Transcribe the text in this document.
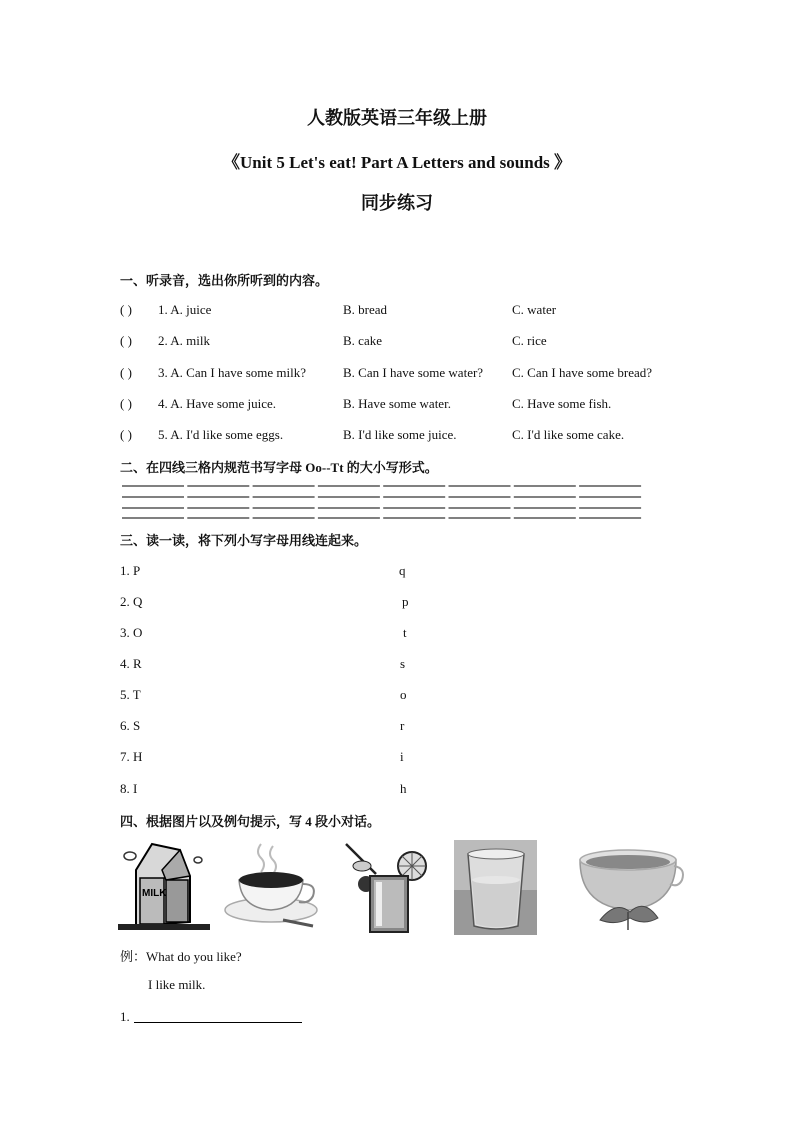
人教版英语三年级上册
《Unit 5 Let's eat! Part A Letters and sounds 》
同步练习
一、听录音，选出你所听到的内容。
( ) 1. A. juice	B. bread	C. water
( ) 2. A. milk	B. cake	C. rice
( ) 3. A. Can I have some milk?	B. Can I have some water? C. Can I have some bread?
( ) 4. A. Have some juice.	B. Have some water.	C. Have some fish.
( ) 5. A. I'd like some eggs.	B. I'd like some juice.	C. I'd like some cake.
二、在四线三格内规范书写字母 Oo--Tt 的大小写形式。
三、读一读，将下列小写字母用线连起来。
1. P	q
2. Q	p
3. O	t
4. R	s
5. T	o
6. S	r
7. H	i
8. I	h
四、根据图片以及例句提示，写 4 段小对话。
MILK
例：What do you like?
I like milk.
1.
